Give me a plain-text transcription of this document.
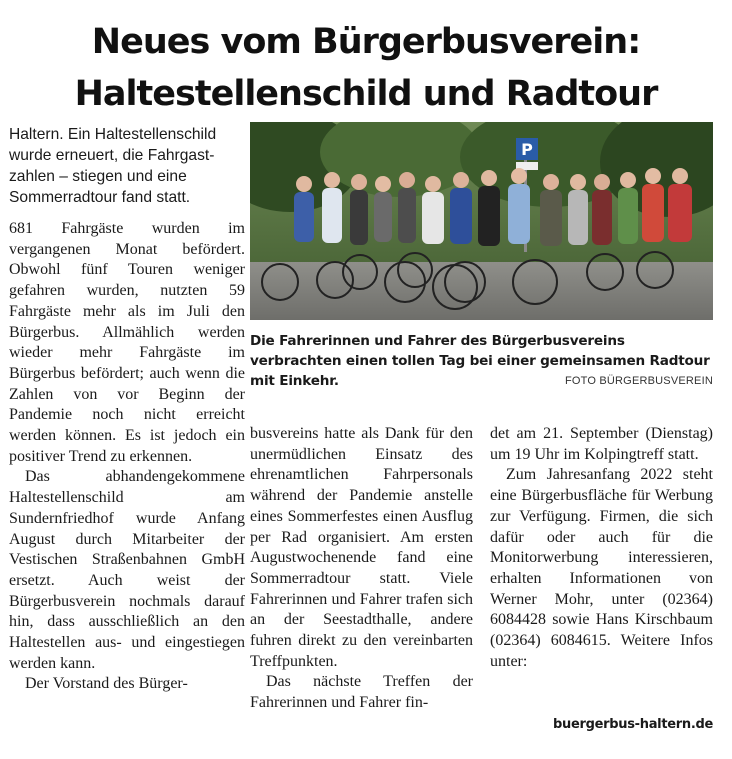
Neues vom Bürgerbusverein:
Haltestellenschild und Radtour

Haltern. Ein Haltestellenschild wurde erneuert, die Fahrgast-zahlen – stiegen und eine Sommerradtour fand statt.

681 Fahrgäste wurden im vergangenen Monat befördert. Obwohl fünf Touren weniger gefahren wurden, nutzten 59 Fahrgäste mehr als im Juli den Bürgerbus. Allmählich werden wieder mehr Fahrgäste im Bürgerbus befördert; auch wenn die Zahlen von vor Beginn der Pandemie noch nicht erreicht werden können. Es ist jedoch ein positiver Trend zu erkennen.

Das abhandengekommene Haltestellenschild am Sundernfriedhof wurde Anfang August durch Mitarbeiter der Vestischen Straßenbahnen GmbH ersetzt. Auch weist der Bürgerbusverein nochmals darauf hin, dass ausschließlich an den Haltestellen aus- und eingestiegen werden kann.

Der Vorstand des Bürger-

P

Die Fahrerinnen und Fahrer des Bürgerbusvereins verbrachten einen tollen Tag bei einer gemeinsamen Radtour mit Einkehr.	FOTO BÜRGERBUSVEREIN

busvereins hatte als Dank für den unermüdlichen Einsatz des ehrenamtlichen Fahrpersonals während der Pandemie anstelle eines Sommerfestes einen Ausflug per Rad organisiert. Am ersten Augustwochenende fand eine Sommerradtour statt. Viele Fahrerinnen und Fahrer trafen sich an der Seestadthalle, andere fuhren direkt zu den vereinbarten Treffpunkten.

Das nächste Treffen der Fahrerinnen und Fahrer fin-

det am 21. September (Dienstag) um 19 Uhr im Kolpingtreff statt.

Zum Jahresanfang 2022 steht eine Bürgerbusfläche für Werbung zur Verfügung. Firmen, die sich dafür oder auch für die Monitorwerbung interessieren, erhalten Informationen von Werner Mohr, unter (02364) 6084428 sowie Hans Kirschbaum (02364) 6084615. Weitere Infos unter:

buergerbus-haltern.de
